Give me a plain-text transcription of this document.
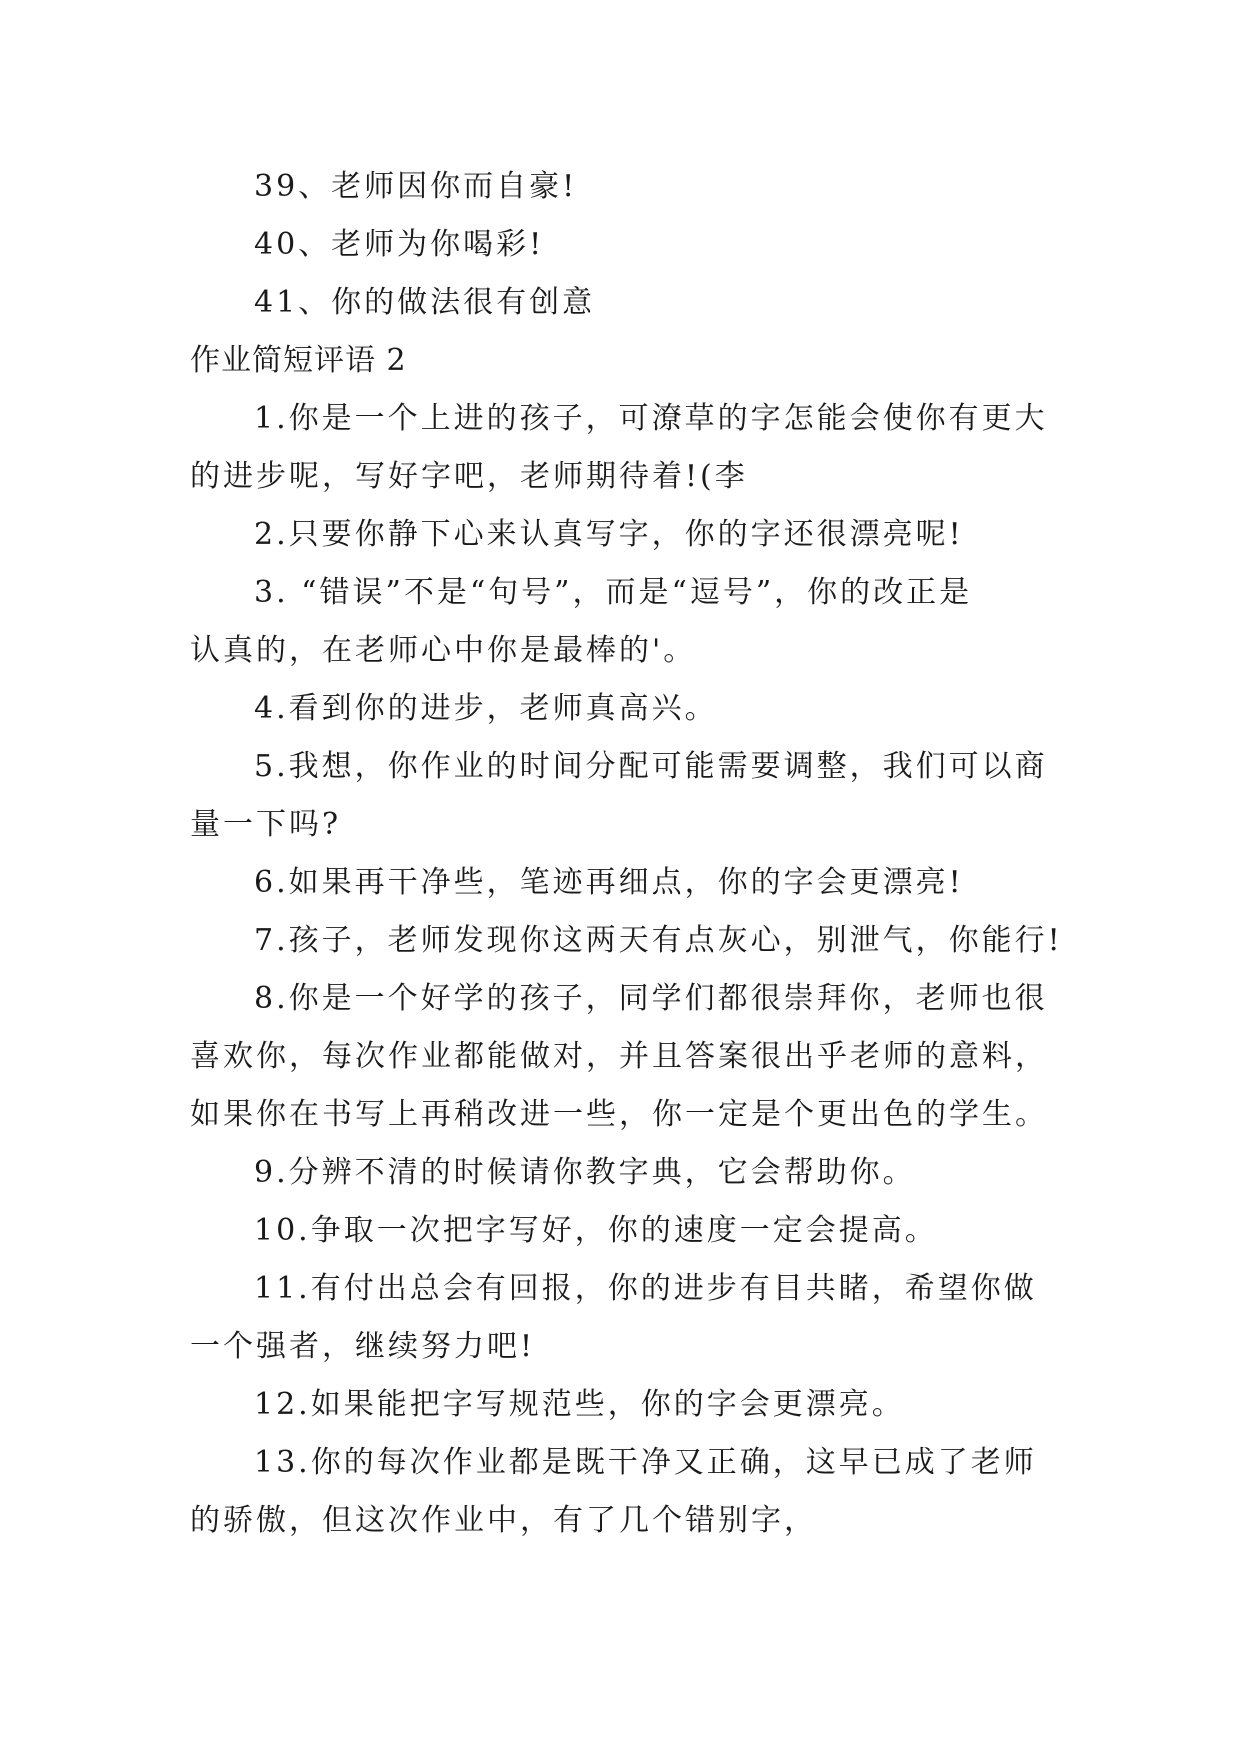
39、老师因你而自豪!
40、老师为你喝彩!
41、你的做法很有创意
作业简短评语 2
1.你是一个上进的孩子，可潦草的字怎能会使你有更大
的进步呢，写好字吧，老师期待着!(李
2.只要你静下心来认真写字，你的字还很漂亮呢!
3. “错误”不是“句号”，而是“逗号”，你的改正是
认真的，在老师心中你是最棒的'。
4.看到你的进步，老师真高兴。
5.我想，你作业的时间分配可能需要调整，我们可以商
量一下吗?
6.如果再干净些，笔迹再细点，你的字会更漂亮!
7.孩子，老师发现你这两天有点灰心，别泄气，你能行!
8.你是一个好学的孩子，同学们都很崇拜你，老师也很
喜欢你，每次作业都能做对，并且答案很出乎老师的意料，
如果你在书写上再稍改进一些，你一定是个更出色的学生。
9.分辨不清的时候请你教字典，它会帮助你。
10.争取一次把字写好，你的速度一定会提高。
11.有付出总会有回报，你的进步有目共睹，希望你做
一个强者，继续努力吧!
12.如果能把字写规范些，你的字会更漂亮。
13.你的每次作业都是既干净又正确，这早已成了老师
的骄傲，但这次作业中，有了几个错别字，
